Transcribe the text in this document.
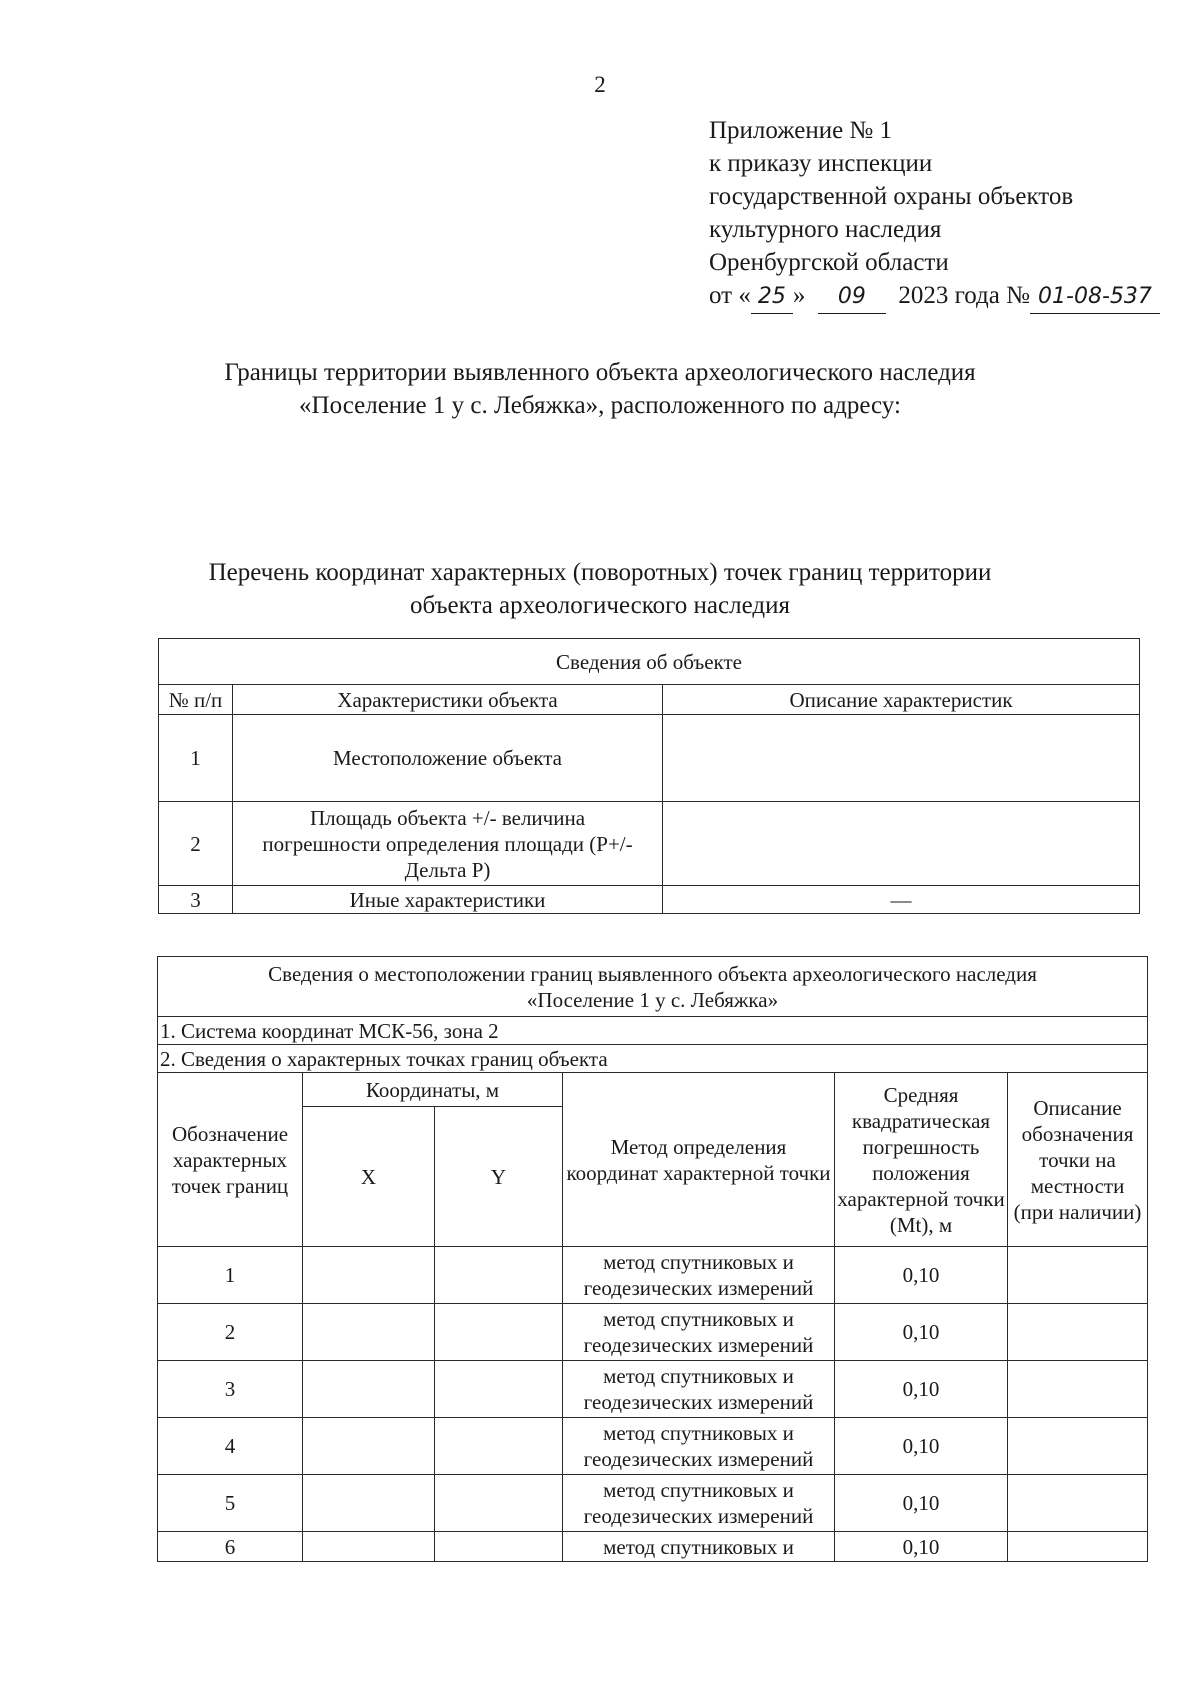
2
Приложение № 1
к приказу инспекции
государственной охраны объектов
культурного наследия
Оренбургской области
от « 25 » 09 2023 года № 01-08-537
Границы территории выявленного объекта археологического наследия
«Поселение 1 у с. Лебяжка», расположенного по адресу:
Перечень координат характерных (поворотных) точек границ территории
объекта археологического наследия
Сведения об объекте		
№ п/п	Характеристики объекта	Описание характеристик
1	Местоположение объекта	
2	Площадь объекта +/- величина погрешности определения площади (Р+/- Дельта Р)	
3	Иные характеристики	—
Сведения о местоположении границ выявленного объекта археологического наследия
«Поселение 1 у с. Лебяжка»					

1. Система координат МСК-56, зона 2					
2. Сведения о характерных точках границ объекта					
Обозначение характерных точек границ	Координаты, м		Метод определения координат характерной точки	Средняя квадратическая погрешность положения характерной точки (Mt), м	Описание обозначения точки на местности (при наличии)
	X	Y			
1			метод спутниковых и геодезических измерений	0,10	
2			метод спутниковых и геодезических измерений	0,10	
3			метод спутниковых и геодезических измерений	0,10	
4			метод спутниковых и геодезических измерений	0,10	
5			метод спутниковых и геодезических измерений	0,10	
6			метод спутниковых и	0,10	
